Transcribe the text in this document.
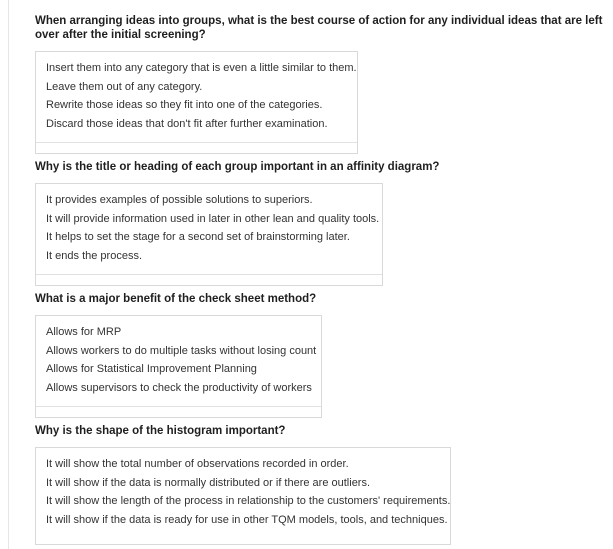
When arranging ideas into groups, what is the best course of action for any individual ideas that are left over after the initial screening?

Insert them into any category that is even a little similar to them.
Leave them out of any category.
Rewrite those ideas so they fit into one of the categories.
Discard those ideas that don't fit after further examination.

Why is the title or heading of each group important in an affinity diagram?

It provides examples of possible solutions to superiors.
It will provide information used in later in other lean and quality tools.
It helps to set the stage for a second set of brainstorming later.
It ends the process.

What is a major benefit of the check sheet method?

Allows for MRP
Allows workers to do multiple tasks without losing count
Allows for Statistical Improvement Planning
Allows supervisors to check the productivity of workers

Why is the shape of the histogram important?

It will show the total number of observations recorded in order.
It will show if the data is normally distributed or if there are outliers.
It will show the length of the process in relationship to the customers' requirements.
It will show if the data is ready for use in other TQM models, tools, and techniques.
